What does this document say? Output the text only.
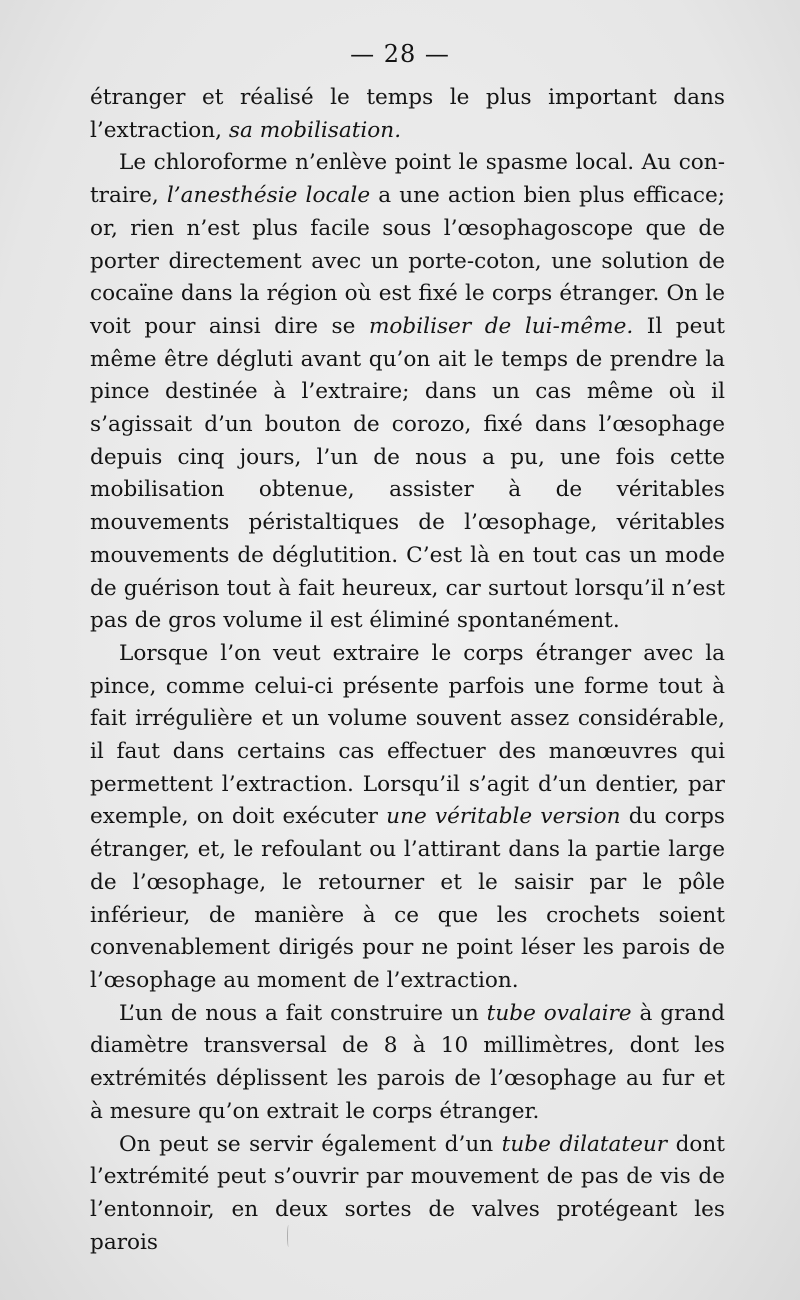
— 28 —

étranger et réalisé le temps le plus important dans l’extraction, sa mobilisation.

Le chloroforme n’enlève point le spasme local. Au contraire, l’anesthésie locale a une action bien plus efficace; or, rien n’est plus facile sous l’œsophagoscope que de porter directement avec un porte-coton, une solution de cocaïne dans la région où est fixé le corps étranger. On le voit pour ainsi dire se mobiliser de lui-même. Il peut même être dégluti avant qu’on ait le temps de prendre la pince destinée à l’extraire; dans un cas même où il s’agissait d’un bouton de corozo, fixé dans l’œsophage depuis cinq jours, l’un de nous a pu, une fois cette mobilisation obtenue, assister à de véritables mouvements péristaltiques de l’œsophage, véritables mouvements de déglutition. C’est là en tout cas un mode de guérison tout à fait heureux, car surtout lorsqu’il n’est pas de gros volume il est éliminé spontanément.

Lorsque l’on veut extraire le corps étranger avec la pince, comme celui-ci présente parfois une forme tout à fait irrégulière et un volume souvent assez considérable, il faut dans certains cas effectuer des manœuvres qui permettent l’extraction. Lorsqu’il s’agit d’un dentier, par exemple, on doit exécuter une véritable version du corps étranger, et, le refoulant ou l’attirant dans la partie large de l’œsophage, le retourner et le saisir par le pôle inférieur, de manière à ce que les crochets soient convenablement dirigés pour ne point léser les parois de l’œsophage au moment de l’extraction.

L’un de nous a fait construire un tube ovalaire à grand diamètre transversal de 8 à 10 millimètres, dont les extrémités déplissent les parois de l’œsophage au fur et à mesure qu’on extrait le corps étranger.

On peut se servir également d’un tube dilatateur dont l’extrémité peut s’ouvrir par mouvement de pas de vis de l’entonnoir, en deux sortes de valves protégeant les parois
